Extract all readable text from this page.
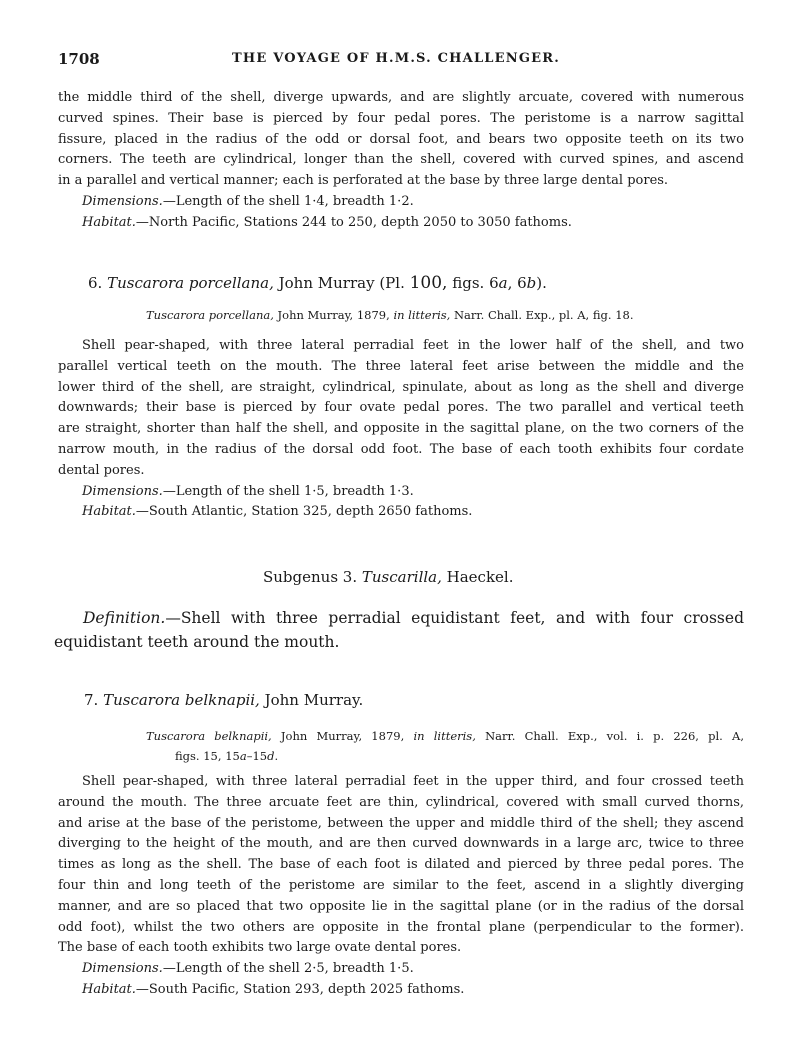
1708	THE VOYAGE OF H.M.S. CHALLENGER.
the middle third of the shell, diverge upwards, and are slightly arcuate, covered with numerous
curved spines. Their base is pierced by four pedal pores. The peristome is a narrow sagittal
fissure, placed in the radius of the odd or dorsal foot, and bears two opposite teeth on its two
corners. The teeth are cylindrical, longer than the shell, covered with curved spines, and ascend
in a parallel and vertical manner; each is perforated at the base by three large dental pores.
Dimensions.—Length of the shell 1·4, breadth 1·2.
Habitat.—North Pacific, Stations 244 to 250, depth 2050 to 3050 fathoms.
6. Tuscarora porcellana, John Murray (Pl. 100, figs. 6a, 6b).
Tuscarora porcellana, John Murray, 1879, in litteris, Narr. Chall. Exp., pl. A, fig. 18.
Shell pear-shaped, with three lateral perradial feet in the lower half of the shell, and two
parallel vertical teeth on the mouth. The three lateral feet arise between the middle and the
lower third of the shell, are straight, cylindrical, spinulate, about as long as the shell and diverge
downwards; their base is pierced by four ovate pedal pores. The two parallel and vertical teeth
are straight, shorter than half the shell, and opposite in the sagittal plane, on the two corners of the
narrow mouth, in the radius of the dorsal odd foot. The base of each tooth exhibits four cordate
dental pores.
Dimensions.—Length of the shell 1·5, breadth 1·3.
Habitat.—South Atlantic, Station 325, depth 2650 fathoms.
Subgenus 3. Tuscarilla, Haeckel.
Definition.—Shell with three perradial equidistant feet, and with four crossed
equidistant teeth around the mouth.
7. Tuscarora belknapii, John Murray.
Tuscarora belknapii, John Murray, 1879, in litteris, Narr. Chall. Exp., vol. i. p. 226, pl. A,
figs. 15, 15a–15d.
Shell pear-shaped, with three lateral perradial feet in the upper third, and four crossed teeth
around the mouth. The three arcuate feet are thin, cylindrical, covered with small curved thorns,
and arise at the base of the peristome, between the upper and middle third of the shell; they ascend
diverging to the height of the mouth, and are then curved downwards in a large arc, twice to three
times as long as the shell. The base of each foot is dilated and pierced by three pedal pores. The
four thin and long teeth of the peristome are similar to the feet, ascend in a slightly diverging
manner, and are so placed that two opposite lie in the sagittal plane (or in the radius of the dorsal
odd foot), whilst the two others are opposite in the frontal plane (perpendicular to the former).
The base of each tooth exhibits two large ovate dental pores.
Dimensions.—Length of the shell 2·5, breadth 1·5.
Habitat.—South Pacific, Station 293, depth 2025 fathoms.
